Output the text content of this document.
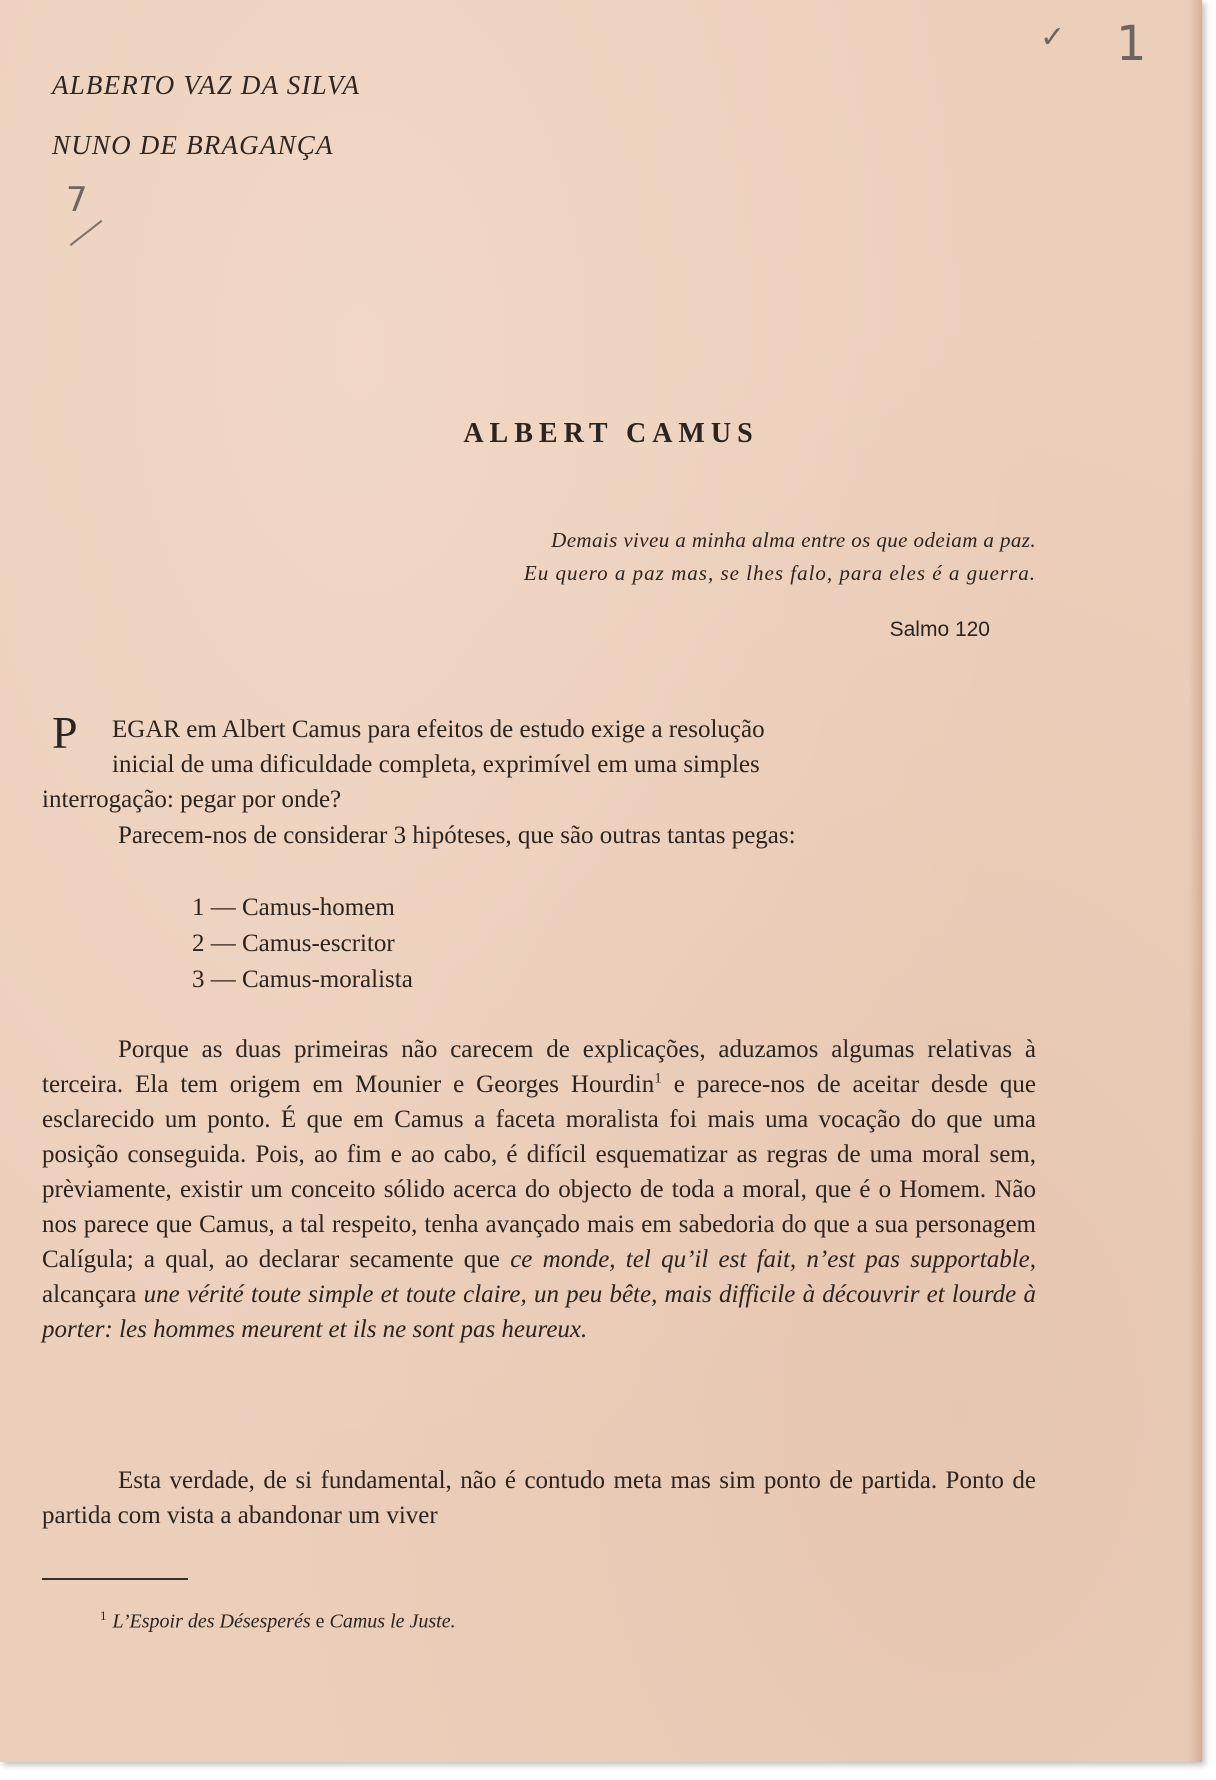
ALBERTO VAZ DA SILVA
NUNO DE BRAGANÇA
✓ 1
7
ALBERT CAMUS
Demais viveu a minha alma entre os que odeiam a paz.
Eu quero a paz mas, se lhes falo, para eles é a guerra.
Salmo 120
P EGAR em Albert Camus para efeitos de estudo exige a resolução
inicial de uma dificuldade completa, exprimível em uma simples
interrogação: pegar por onde?
Parecem-nos de considerar 3 hipóteses, que são outras tantas pegas:
1 — Camus-homem
2 — Camus-escritor
3 — Camus-moralista
Porque as duas primeiras não carecem de explicações, aduzamos algumas relativas à terceira. Ela tem origem em Mounier e Georges Hourdin$^1$ e parece-nos de aceitar desde que esclarecido um ponto. É que em Camus a faceta moralista foi mais uma vocação do que uma posição conseguida. Pois, ao fim e ao cabo, é difícil esquematizar as regras de uma moral sem, prèviamente, existir um conceito sólido acerca do objecto de toda a moral, que é o Homem. Não nos parece que Camus, a tal respeito, tenha avançado mais em sabedoria do que a sua personagem Calígula; a qual, ao declarar secamente que ce monde, tel qu’il est fait, n’est pas supportable, alcançara une vérité toute simple et toute claire, un peu bête, mais difficile à découvrir et lourde à porter: les hommes meurent et ils ne sont pas heureux.
Esta verdade, de si fundamental, não é contudo meta mas sim ponto de partida. Ponto de partida com vista a abandonar um viver
$^1$ L’Espoir des Désesperés e Camus le Juste.
